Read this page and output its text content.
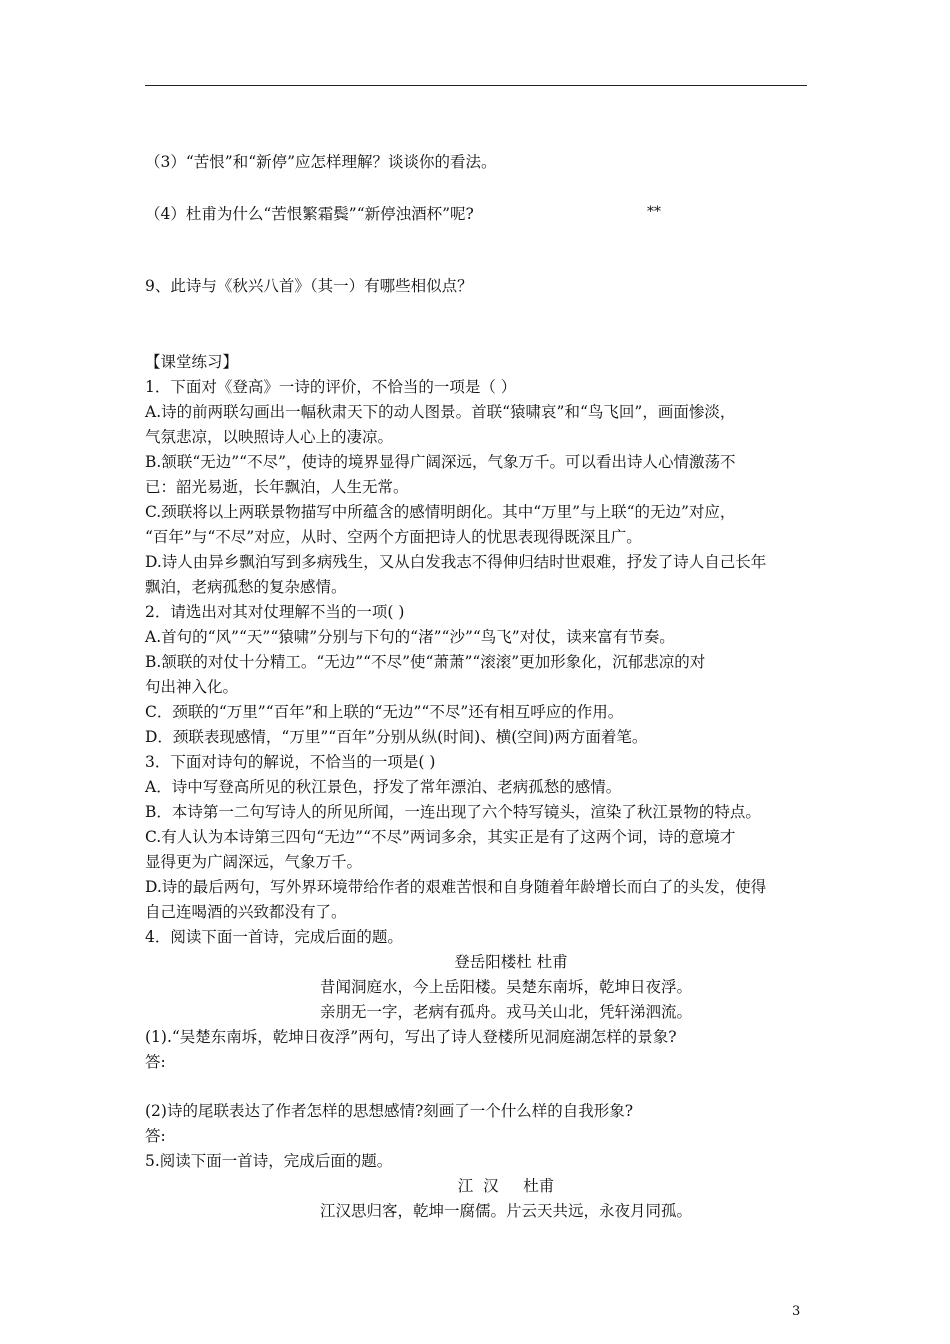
（3）“苦恨”和“新停”应怎样理解？谈谈你的看法。
（4）杜甫为什么“苦恨繁霜鬓”“新停浊酒杯”呢?	**
9、此诗与《秋兴八首》（其一）有哪些相似点？
【课堂练习】
1．下面对《登高》一诗的评价，不恰当的一项是（ ）
A.诗的前两联勾画出一幅秋肃天下的动人图景。首联“猿啸哀”和“鸟飞回”，画面惨淡，
气氛悲凉，以映照诗人心上的凄凉。
B.颔联“无边”“不尽”，使诗的境界显得广阔深远，气象万千。可以看出诗人心情激荡不
已：韶光易逝，长年飘泊，人生无常。
C.颈联将以上两联景物描写中所蕴含的感情明朗化。其中“万里”与上联“的无边”对应，
“百年”与“不尽”对应，从时、空两个方面把诗人的忧思表现得既深且广。
D.诗人由异乡飘泊写到多病残生，又从白发我志不得伸归结时世艰难，抒发了诗人自己长年
飘泊，老病孤愁的复杂感情。
2．请选出对其对仗理解不当的一项( )
A.首句的“风”“天”“猿啸”分别与下句的“渚”“沙”“鸟飞”对仗，读来富有节奏。
B.颔联的对仗十分精工。“无边”“不尽”使“萧萧”“滚滚”更加形象化，沉郁悲凉的对
句出神入化。
C．颈联的“万里”“百年”和上联的“无边”“不尽”还有相互呼应的作用。
D．颈联表现感情，“万里”“百年”分别从纵(时间)、横(空间)两方面着笔。
3．下面对诗句的解说，不恰当的一项是( )
A．诗中写登高所见的秋江景色，抒发了常年漂泊、老病孤愁的感情。
B．本诗第一二句写诗人的所见所闻，一连出现了六个特写镜头，渲染了秋江景物的特点。
C.有人认为本诗第三四句“无边”“不尽”两词多余，其实正是有了这两个词，诗的意境才
显得更为广阔深远，气象万千。
D.诗的最后两句，写外界环境带给作者的艰难苦恨和自身随着年龄增长而白了的头发，使得
自己连喝酒的兴致都没有了。
4．阅读下面一首诗，完成后面的题。
登岳阳楼杜 杜甫
昔闻洞庭水，今上岳阳楼。吴楚东南坼，乾坤日夜浮。
亲朋无一字，老病有孤舟。戎马关山北，凭轩涕泗流。
(1).“吴楚东南坼，乾坤日夜浮”两句，写出了诗人登楼所见洞庭湖怎样的景象?
答:
(2)诗的尾联表达了作者怎样的思想感情?刻画了一个什么样的自我形象?
答:
5.阅读下面一首诗，完成后面的题。
江  汉     杜甫
江汉思归客，乾坤一腐儒。片云天共远，永夜月同孤。
3
